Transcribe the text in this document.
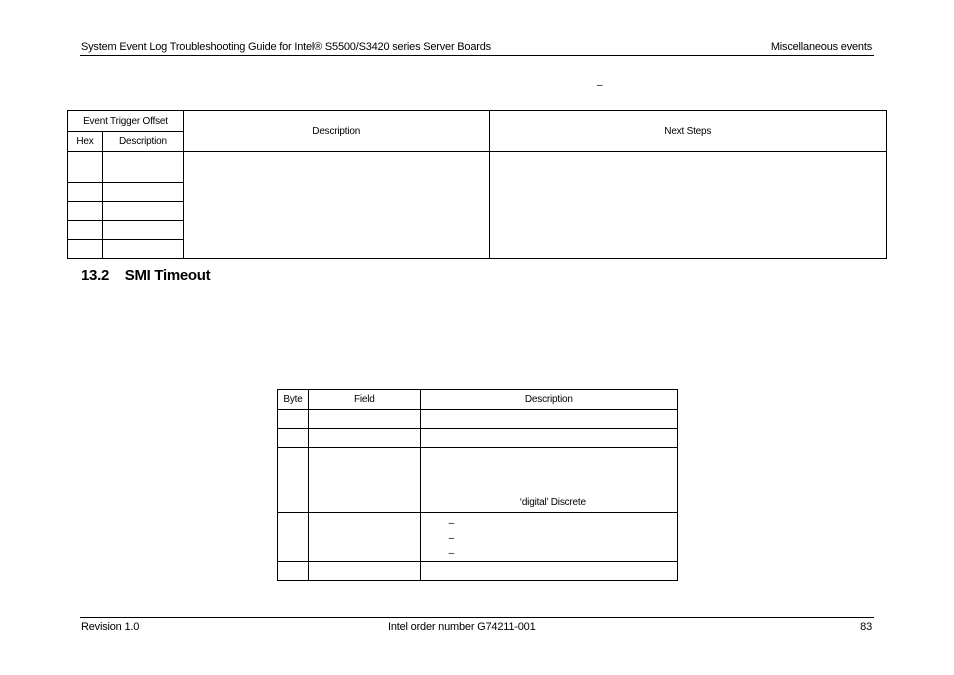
System Event Log Troubleshooting Guide for Intel® S5500/S3420 series Server Boards	Miscellaneous events
–
Event Trigger Offset		Description	Next Steps
Hex	Description		

13.2 SMI Timeout
Byte	Field	Description

		‘digital’ Discrete

		–
–
–

Revision 1.0	Intel order number G74211-001	83
